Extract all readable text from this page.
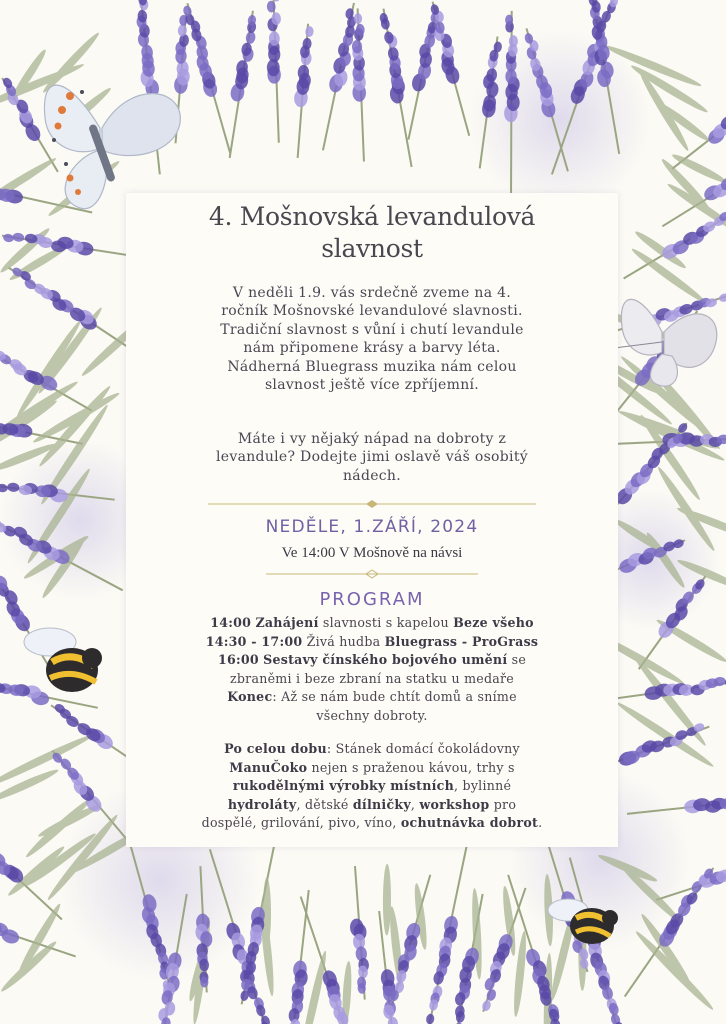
4. Mošnovská levandulová
slavnost
V neděli 1.9. vás srdečně zveme na 4.
ročník Mošnovské levandulové slavnosti.
Tradiční slavnost s vůní i chutí levandule
nám připomene krásy a barvy léta.
Nádherná Bluegrass muzika nám celou
slavnost ještě více zpříjemní.
Máte i vy nějaký nápad na dobroty z
levandule? Dodejte jimi oslavě váš osobitý
nádech.
NEDĚLE, 1.ZÁŘÍ, 2024
Ve 14:00 V Mošnově na návsi
PROGRAM
14:00 Zahájení slavnosti s kapelou Beze všeho
14:30 - 17:00 Živá hudba Bluegrass - ProGrass
16:00 Sestavy čínského bojového umění se
zbraněmi i beze zbraní na statku u medaře
Konec: Až se nám bude chtít domů a sníme
všechny dobroty.
Po celou dobu: Stánek domácí čokoládovny
ManuČoko nejen s praženou kávou, trhy s
rukodělnými výrobky místních, bylinné
hydroláty, dětské dílničky, workshop pro
dospělé, grilování, pivo, víno, ochutnávka dobrot.
